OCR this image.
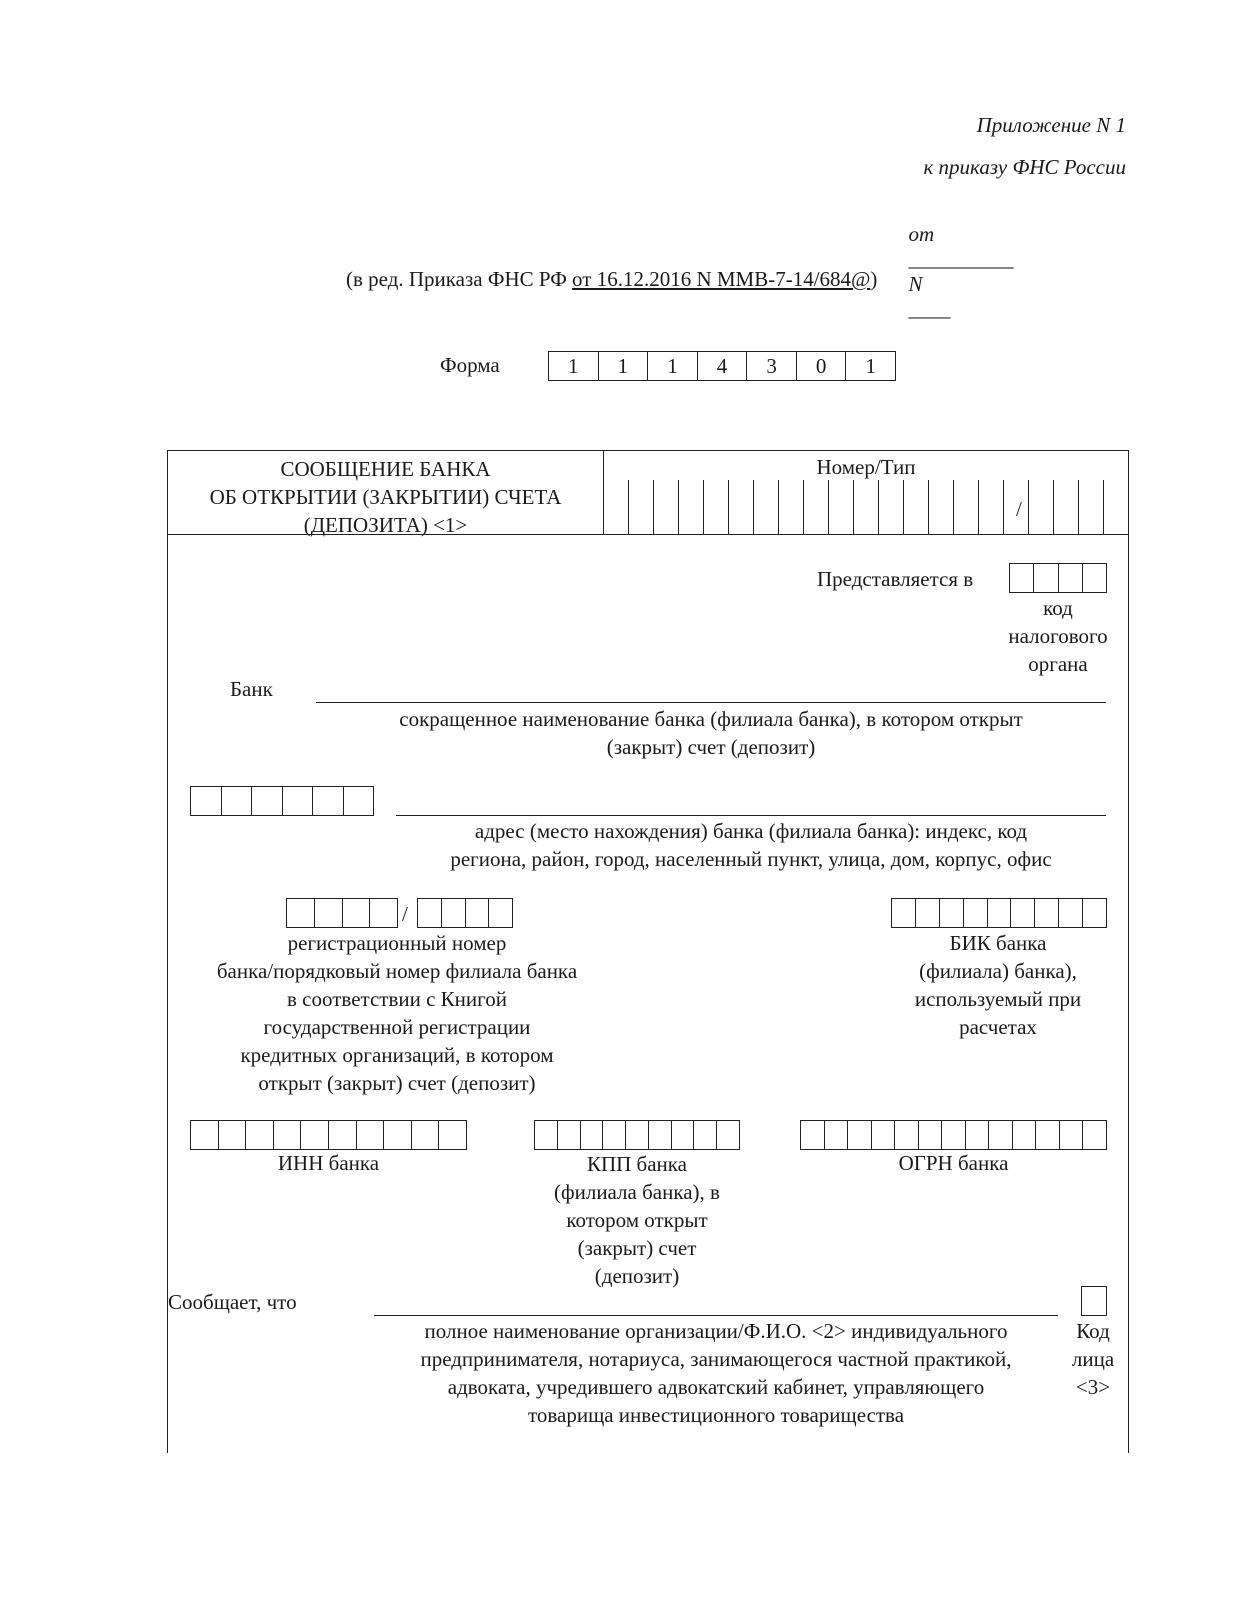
Приложение N 1
к приказу ФНС России

от
__________
N
____

(в ред. Приказа ФНС РФ от 16.12.2016 N ММВ-7-14/684@)
Форма	1	1	1	4	3	0	1
СООБЩЕНИЕ БАНКА
ОБ ОТКРЫТИИ (ЗАКРЫТИИ) СЧЕТА
(ДЕПОЗИТА) <1>
Номер/Тип
/
Представляется в
код
налогового
органа
Банк
сокращенное наименование банка (филиала банка), в котором открыт
(закрыт) счет (депозит)
адрес (место нахождения) банка (филиала банка): индекс, код
региона, район, город, населенный пункт, улица, дом, корпус, офис
/
регистрационный номер
банка/порядковый номер филиала банка
в соответствии с Книгой
государственной регистрации
кредитных организаций, в котором
открыт (закрыт) счет (депозит)
БИК банка
(филиала) банка),
используемый при
расчетах
ИНН банка	КПП банка
(филиала банка), в
котором открыт
(закрыт) счет
(депозит)
ОГРН банка
Сообщает, что
полное наименование организации/Ф.И.О. <2> индивидуального
предпринимателя, нотариуса, занимающегося частной практикой,
адвоката, учредившего адвокатский кабинет, управляющего
товарища инвестиционного товарищества
Код
лица
<3>
